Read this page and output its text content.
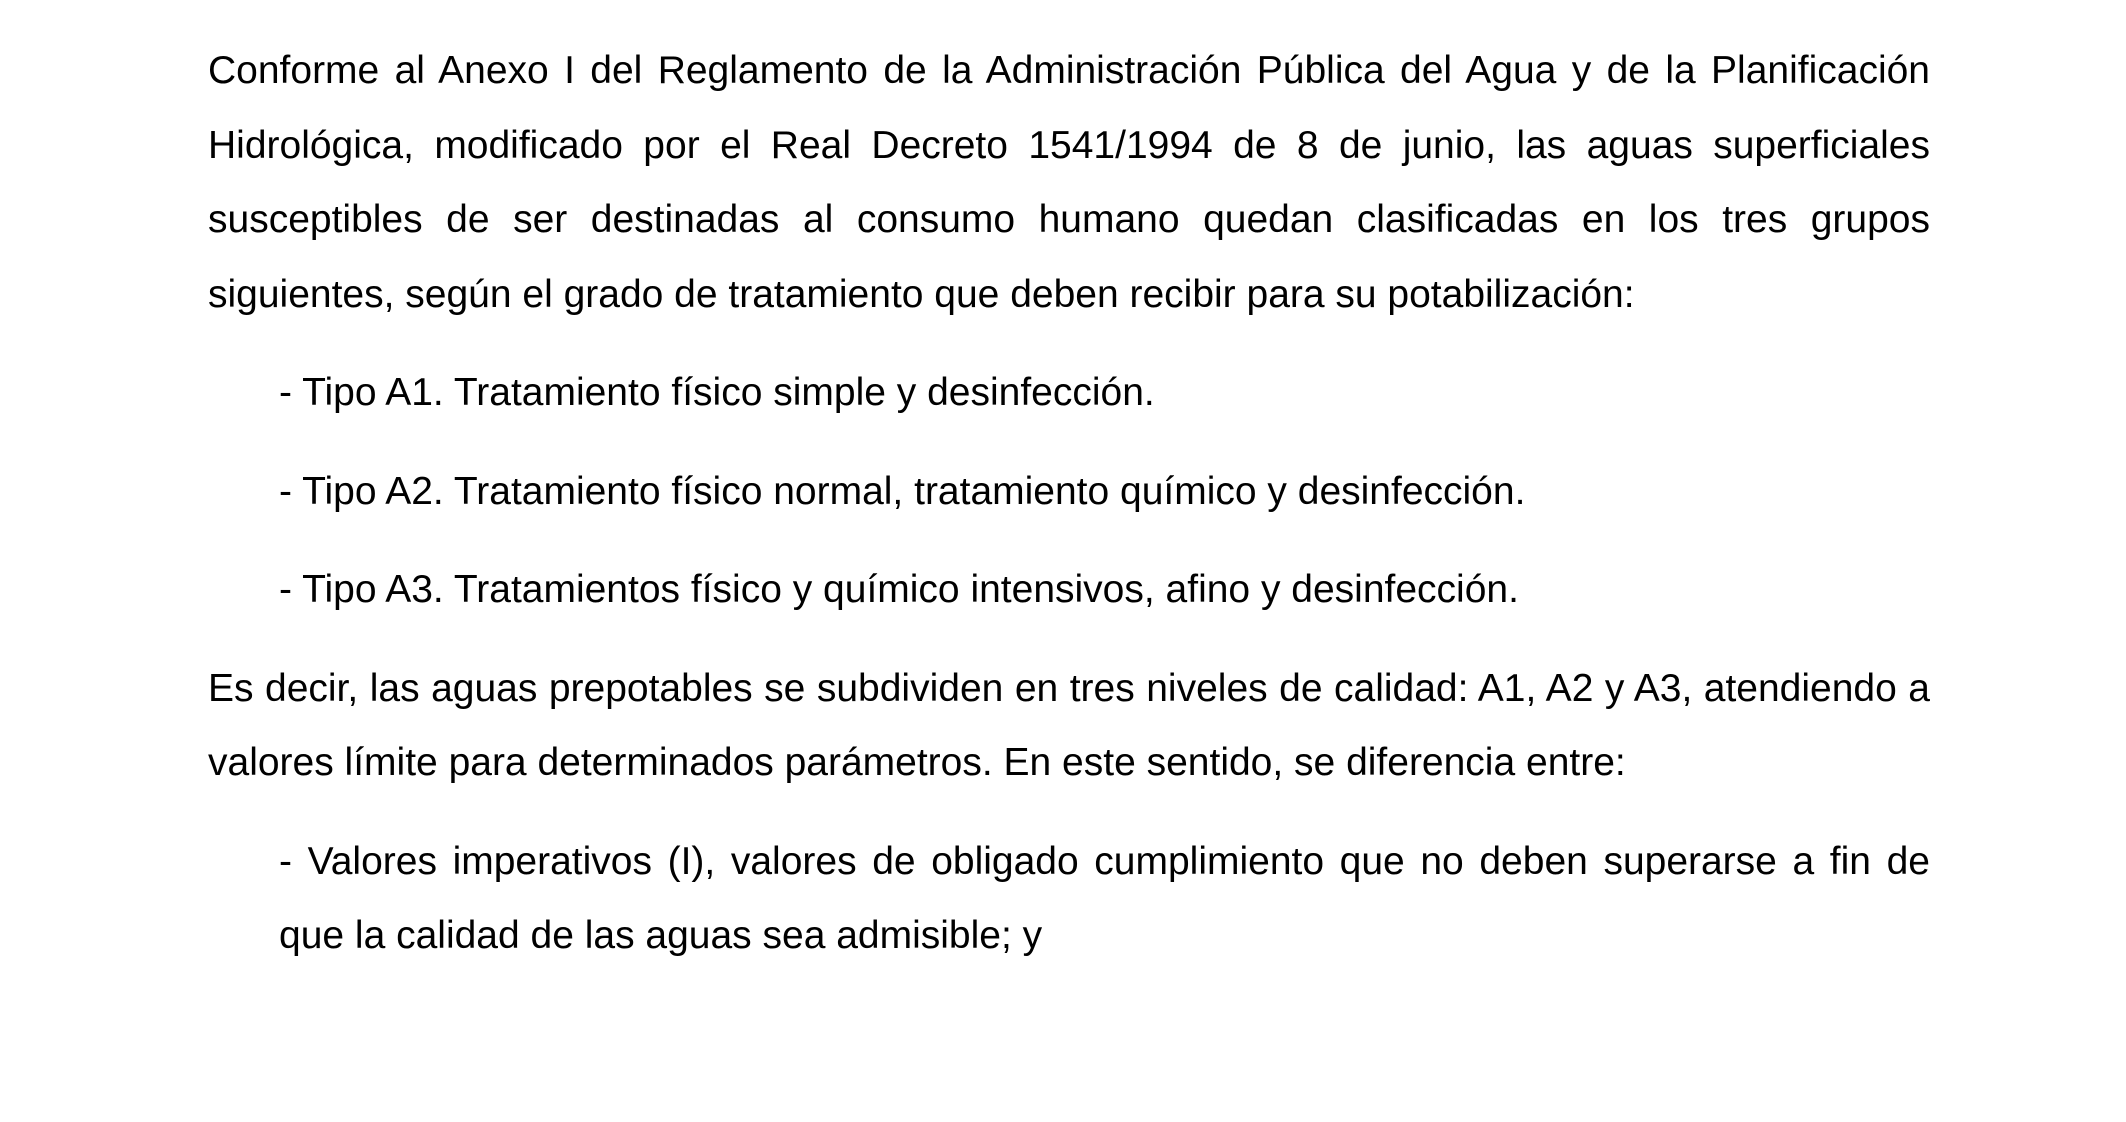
Conforme al Anexo I del Reglamento de la Administración Pública del Agua y de la Planificación Hidrológica, modificado por el Real Decreto 1541/1994 de 8 de junio, las aguas superficiales susceptibles de ser destinadas al consumo humano quedan clasificadas en los tres grupos siguientes, según el grado de tratamiento que deben recibir para su potabilización:

- Tipo A1. Tratamiento físico simple y desinfección.

- Tipo A2. Tratamiento físico normal, tratamiento químico y desinfección.

- Tipo A3. Tratamientos físico y químico intensivos, afino y desinfección.

Es decir, las aguas prepotables se subdividen en tres niveles de calidad: A1, A2 y A3, atendiendo a valores límite para determinados parámetros. En este sentido, se diferencia entre:

- Valores imperativos (I), valores de obligado cumplimiento que no deben superarse a fin de que la calidad de las aguas sea admisible; y
